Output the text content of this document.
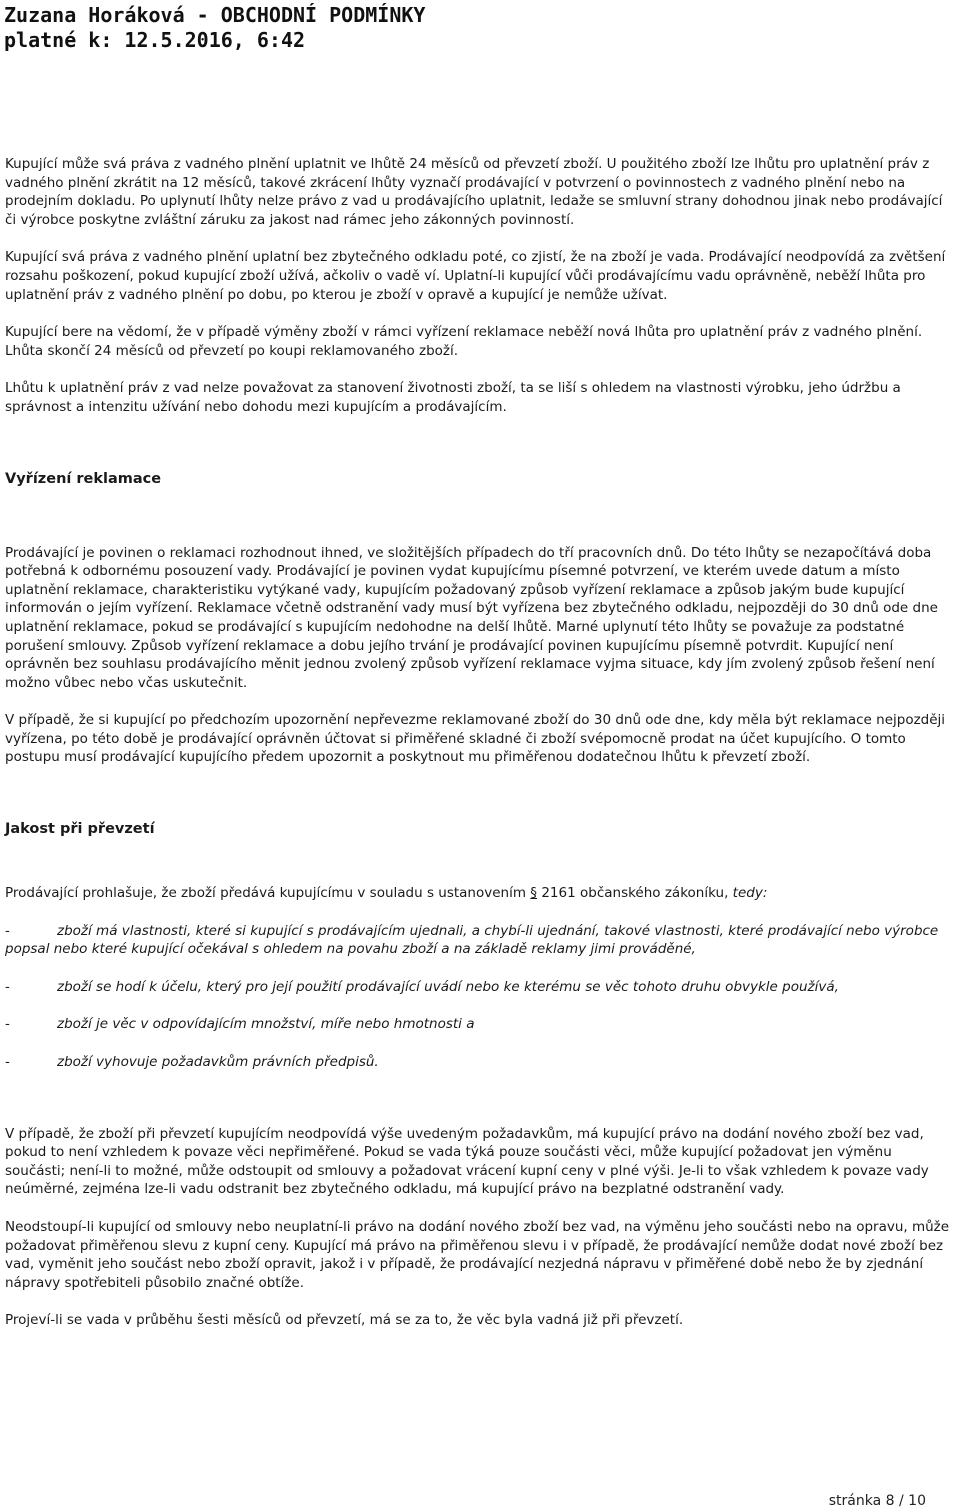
Zuzana Horáková - OBCHODNÍ PODMÍNKY
platné k: 12.5.2016, 6:42

Kupující může svá práva z vadného plnění uplatnit ve lhůtě 24 měsíců od převzetí zboží. U použitého zboží lze lhůtu pro uplatnění práv z vadného plnění zkrátit na 12 měsíců, takové zkrácení lhůty vyznačí prodávající v potvrzení o povinnostech z vadného plnění nebo na prodejním dokladu. Po uplynutí lhůty nelze právo z vad u prodávajícího uplatnit, ledaže se smluvní strany dohodnou jinak nebo prodávající či výrobce poskytne zvláštní záruku za jakost nad rámec jeho zákonných povinností.

Kupující svá práva z vadného plnění uplatní bez zbytečného odkladu poté, co zjistí, že na zboží je vada. Prodávající neodpovídá za zvětšení rozsahu poškození, pokud kupující zboží užívá, ačkoliv o vadě ví. Uplatní-li kupující vůči prodávajícímu vadu oprávněně, neběží lhůta pro uplatnění práv z vadného plnění po dobu, po kterou je zboží v opravě a kupující je nemůže užívat.

Kupující bere na vědomí, že v případě výměny zboží v rámci vyřízení reklamace neběží nová lhůta pro uplatnění práv z vadného plnění. Lhůta skončí 24 měsíců od převzetí po koupi reklamovaného zboží.

Lhůtu k uplatnění práv z vad nelze považovat za stanovení životnosti zboží, ta se liší s ohledem na vlastnosti výrobku, jeho údržbu a správnost a intenzitu užívání nebo dohodu mezi kupujícím a prodávajícím.

Vyřízení reklamace

Prodávající je povinen o reklamaci rozhodnout ihned, ve složitějších případech do tří pracovních dnů. Do této lhůty se nezapočítává doba potřebná k odbornému posouzení vady. Prodávající je povinen vydat kupujícímu písemné potvrzení, ve kterém uvede datum a místo uplatnění reklamace, charakteristiku vytýkané vady, kupujícím požadovaný způsob vyřízení reklamace a způsob jakým bude kupující informován o jejím vyřízení. Reklamace včetně odstranění vady musí být vyřízena bez zbytečného odkladu, nejpozději do 30 dnů ode dne uplatnění reklamace, pokud se prodávající s kupujícím nedohodne na delší lhůtě. Marné uplynutí této lhůty se považuje za podstatné porušení smlouvy. Způsob vyřízení reklamace a dobu jejího trvání je prodávající povinen kupujícímu písemně potvrdit. Kupující není oprávněn bez souhlasu prodávajícího měnit jednou zvolený způsob vyřízení reklamace vyjma situace, kdy jím zvolený způsob řešení není možno vůbec nebo včas uskutečnit.

V případě, že si kupující po předchozím upozornění nepřevezme reklamované zboží do 30 dnů ode dne, kdy měla být reklamace nejpozději vyřízena, po této době je prodávající oprávněn účtovat si přiměřené skladné či zboží svépomocně prodat na účet kupujícího. O tomto postupu musí prodávající kupujícího předem upozornit a poskytnout mu přiměřenou dodatečnou lhůtu k převzetí zboží.

Jakost při převzetí

Prodávající prohlašuje, že zboží předává kupujícímu v souladu s ustanovením § 2161 občanského zákoníku, tedy:

-	zboží má vlastnosti, které si kupující s prodávajícím ujednali, a chybí-li ujednání, takové vlastnosti, které prodávající nebo výrobce popsal nebo které kupující očekával s ohledem na povahu zboží a na základě reklamy jimi prováděné,
-	zboží se hodí k účelu, který pro její použití prodávající uvádí nebo ke kterému se věc tohoto druhu obvykle používá,
-	zboží je věc v odpovídajícím množství, míře nebo hmotnosti a
-	zboží vyhovuje požadavkům právních předpisů.

V případě, že zboží při převzetí kupujícím neodpovídá výše uvedeným požadavkům, má kupující právo na dodání nového zboží bez vad, pokud to není vzhledem k povaze věci nepřiměřené. Pokud se vada týká pouze součásti věci, může kupující požadovat jen výměnu součásti; není-li to možné, může odstoupit od smlouvy a požadovat vrácení kupní ceny v plné výši. Je-li to však vzhledem k povaze vady neúměrné, zejména lze-li vadu odstranit bez zbytečného odkladu, má kupující právo na bezplatné odstranění vady.

Neodstoupí-li kupující od smlouvy nebo neuplatní-li právo na dodání nového zboží bez vad, na výměnu jeho součásti nebo na opravu, může požadovat přiměřenou slevu z kupní ceny. Kupující má právo na přiměřenou slevu i v případě, že prodávající nemůže dodat nové zboží bez vad, vyměnit jeho součást nebo zboží opravit, jakož i v případě, že prodávající nezjedná nápravu v přiměřené době nebo že by zjednání nápravy spotřebiteli působilo značné obtíže.

Projeví-li se vada v průběhu šesti měsíců od převzetí, má se za to, že věc byla vadná již při převzetí.

stránka 8 / 10
